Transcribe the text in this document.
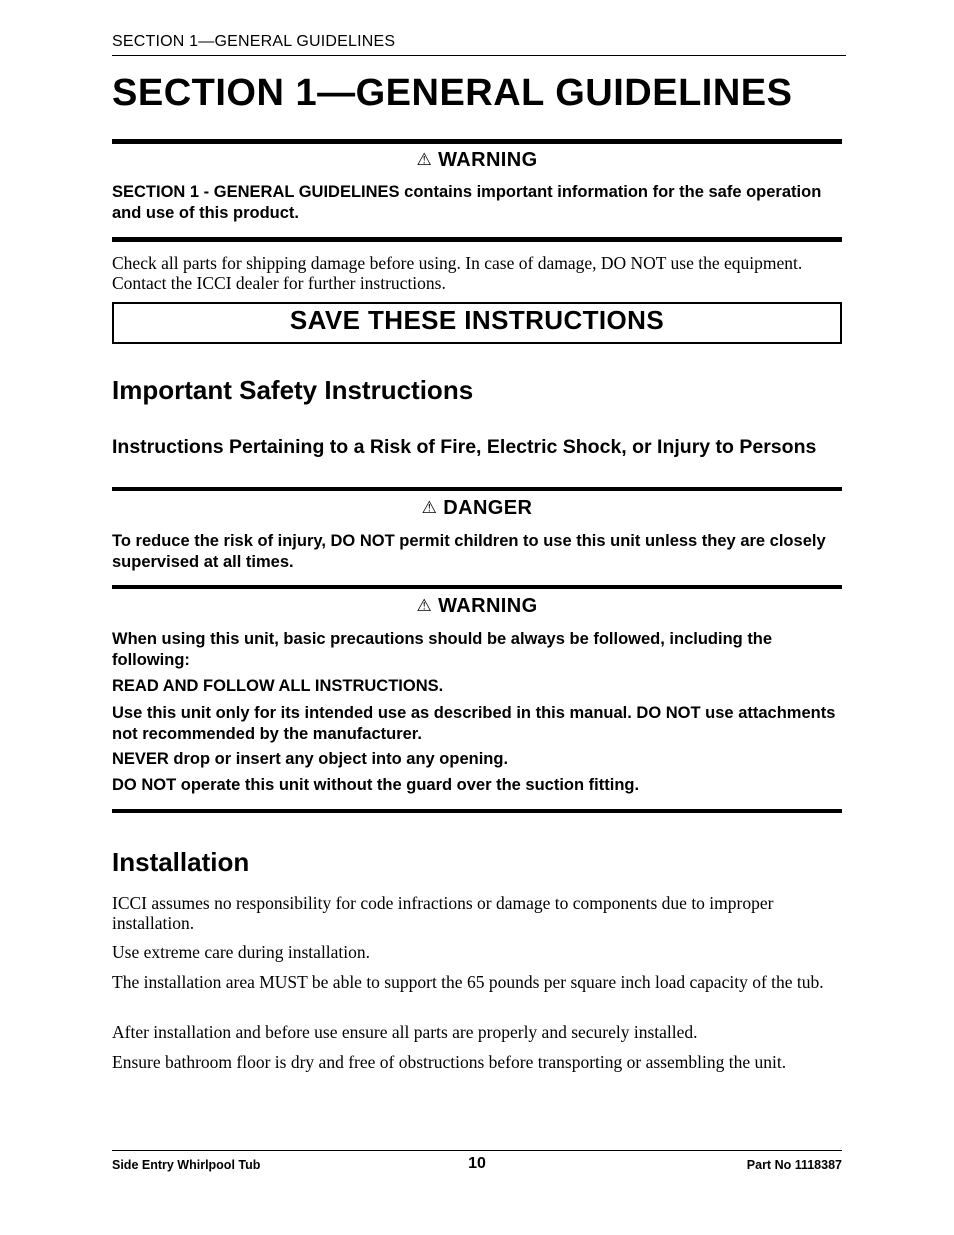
SECTION 1—GENERAL GUIDELINES
SECTION 1—GENERAL GUIDELINES
⚠ WARNING

SECTION 1 - GENERAL GUIDELINES contains important information for the safe operation and use of this product.

Check all parts for shipping damage before using. In case of damage, DO NOT use the equipment. Contact the ICCI dealer for further instructions.

SAVE THESE INSTRUCTIONS
Important Safety Instructions
Instructions Pertaining to a Risk of Fire, Electric Shock, or Injury to Persons
⚠ DANGER

To reduce the risk of injury, DO NOT permit children to use this unit unless they are closely supervised at all times.

⚠ WARNING

When using this unit, basic precautions should be always be followed, including the following:

READ AND FOLLOW ALL INSTRUCTIONS.

Use this unit only for its intended use as described in this manual. DO NOT use attachments not recommended by the manufacturer.

NEVER drop or insert any object into any opening.

DO NOT operate this unit without the guard over the suction fitting.

Installation

ICCI assumes no responsibility for code infractions or damage to components due to improper installation.

Use extreme care during installation.

The installation area MUST be able to support the 65 pounds per square inch load capacity of the tub.

After installation and before use ensure all parts are properly and securely installed.

Ensure bathroom floor is dry and free of obstructions before transporting or assembling the unit.

Side Entry Whirlpool Tub	10	Part No 1118387
